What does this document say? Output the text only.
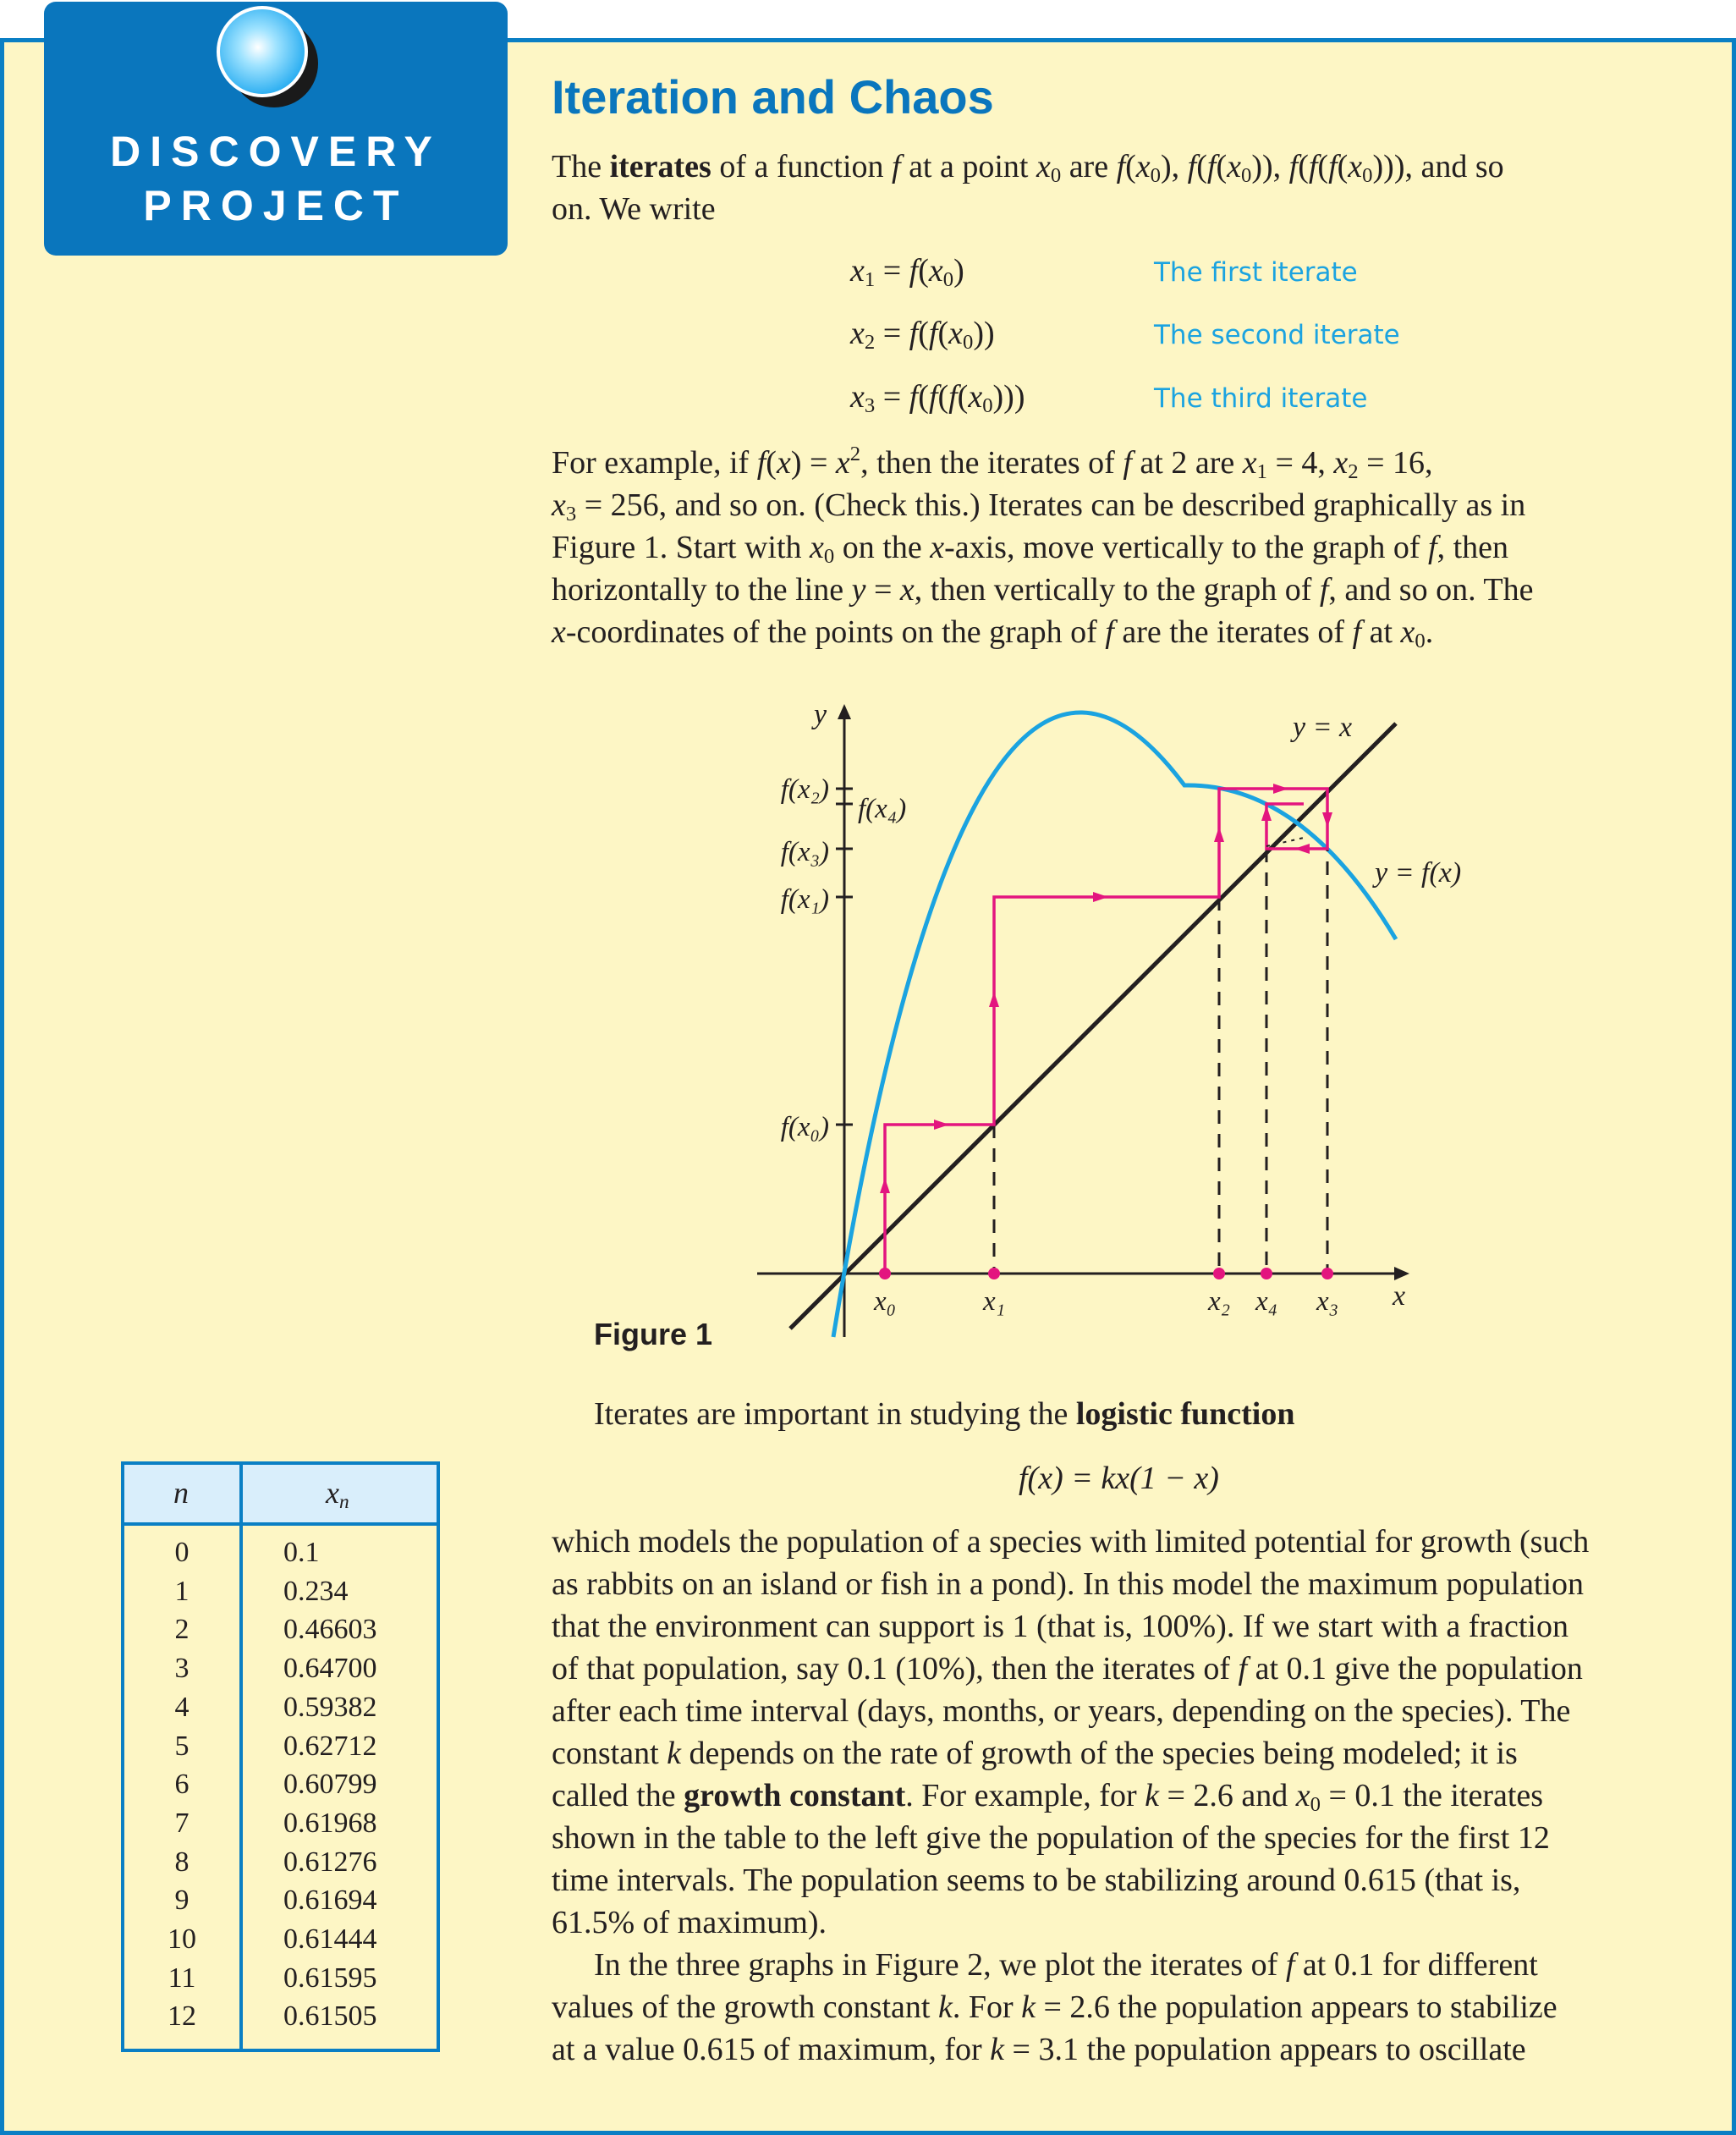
DISCOVERY
PROJECT
Iteration and Chaos
The iterates of a function f at a point $x_0$ are $f(x_0)$, $f(f(x_0))$, $f(f(f(x_0)))$, and so
on. We write
$x_1 = f(x_0)$	The first iterate
$x_2 = f(f(x_0))$	The second iterate
$x_3 = f(f(f(x_0)))$	The third iterate
For example, if $f(x) = x^2$, then the iterates of f at 2 are $x_1 = 4$, $x_2 = 16$,
$x_3 = 256$, and so on. (Check this.) Iterates can be described graphically as in
Figure 1. Start with $x_0$ on the x-axis, move vertically to the graph of f, then
horizontally to the line y = x, then vertically to the graph of f, and so on. The
x-coordinates of the points on the graph of f are the iterates of f at $x_0$.
y
x
y = x
y = f(x)
f(x₂)
f(x₄)
f(x₃)
f(x₁)
f(x₀)
x₀	x₁	x₂ x₄ x₃
Figure 1
Iterates are important in studying the logistic function
f(x) = kx(1 − x)
which models the population of a species with limited potential for growth (such
as rabbits on an island or fish in a pond). In this model the maximum population
that the environment can support is 1 (that is, 100%). If we start with a fraction
of that population, say 0.1 (10%), then the iterates of f at 0.1 give the population
after each time interval (days, months, or years, depending on the species). The
constant k depends on the rate of growth of the species being modeled; it is
called the growth constant. For example, for k = 2.6 and $x_0 = 0.1$ the iterates
shown in the table to the left give the population of the species for the first 12
time intervals. The population seems to be stabilizing around 0.615 (that is,
61.5% of maximum).
In the three graphs in Figure 2, we plot the iterates of f at 0.1 for different
values of the growth constant k. For k = 2.6 the population appears to stabilize
at a value 0.615 of maximum, for k = 3.1 the population appears to oscillate
n	$x_n$
0	0.1
1	0.234
2	0.46603
3	0.64700
4	0.59382
5	0.62712
6	0.60799
7	0.61968
8	0.61276
9	0.61694
10	0.61444
11	0.61595
12	0.61505
